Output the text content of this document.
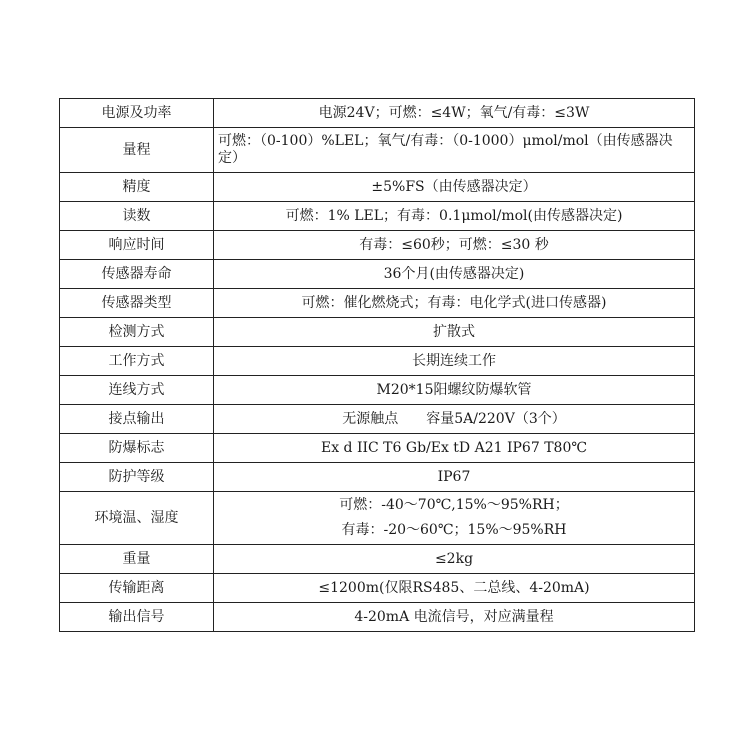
电源及功率	电源24V；可燃：≤4W；氧气/有毒：≤3W
量程	可燃：（0-100）%LEL；氧气/有毒：（0-1000）μmol/mol（由传感器决定）
精度	±5%FS（由传感器决定）
读数	可燃：1% LEL；有毒：0.1μmol/mol(由传感器决定)
响应时间	有毒：≤60秒；可燃：≤30 秒
传感器寿命	36个月(由传感器决定)
传感器类型	可燃：催化燃烧式；有毒：电化学式(进口传感器)
检测方式	扩散式
工作方式	长期连续工作
连线方式	M20*15阳螺纹防爆软管
接点输出	无源触点　　容量5A/220V（3个）
防爆标志	Ex d IIC T6 Gb/Ex tD A21 IP67 T80℃
防护等级	IP67
环境温、湿度	可燃：-40～70℃,15%～95%RH；
有毒：-20～60℃；15%～95%RH

重量	≤2kg
传输距离	≤1200m(仅限RS485、二总线、4-20mA)
输出信号	4-20mA 电流信号，对应满量程
